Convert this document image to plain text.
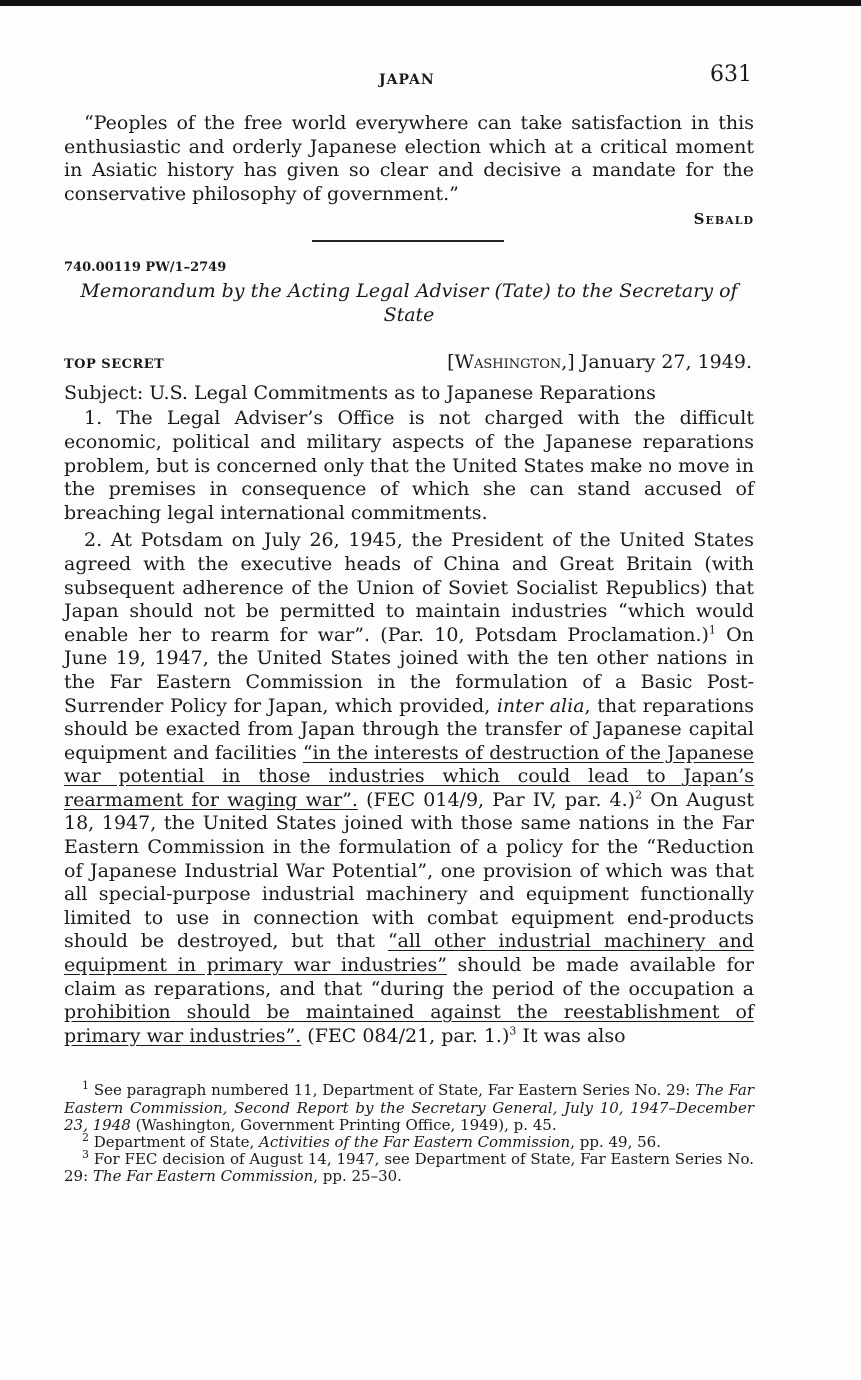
JAPAN	631

“Peoples of the free world everywhere can take satisfaction in this enthusiastic and orderly Japanese election which at a critical moment in Asiatic history has given so clear and decisive a mandate for the conservative philosophy of government.”

Sebald
740.00119 PW/1–2749
Memorandum by the Acting Legal Adviser (Tate) to the Secretary of State
TOP SECRET	[Washington,] January 27, 1949.
Subject: U.S. Legal Commitments as to Japanese Reparations

1. The Legal Adviser’s Office is not charged with the difficult economic, political and military aspects of the Japanese reparations problem, but is concerned only that the United States make no move in the premises in consequence of which she can stand accused of breaching legal international commitments.

2. At Potsdam on July 26, 1945, the President of the United States agreed with the executive heads of China and Great Britain (with subsequent adherence of the Union of Soviet Socialist Republics) that Japan should not be permitted to maintain industries “which would enable her to rearm for war”. (Par. 10, Potsdam Proclamation.)$^1$ On June 19, 1947, the United States joined with the ten other nations in the Far Eastern Commission in the formulation of a Basic Post-Surrender Policy for Japan, which provided, inter alia, that reparations should be exacted from Japan through the transfer of Japanese capital equipment and facilities “in the interests of destruction of the Japanese war potential in those industries which could lead to Japan’s rearmament for waging war”. (FEC 014/9, Par IV, par. 4.)$^2$ On August 18, 1947, the United States joined with those same nations in the Far Eastern Commission in the formulation of a policy for the “Reduction of Japanese Industrial War Potential”, one provision of which was that all special-purpose industrial machinery and equipment functionally limited to use in connection with combat equipment end-products should be destroyed, but that “all other industrial machinery and equipment in primary war industries” should be made available for claim as reparations, and that “during the period of the occupation a prohibition should be maintained against the reestablishment of primary war industries”. (FEC 084/21, par. 1.)$^3$ It was also

$^1$ See paragraph numbered 11, Department of State, Far Eastern Series No. 29: The Far Eastern Commission, Second Report by the Secretary General, July 10, 1947–December 23, 1948 (Washington, Government Printing Office, 1949), p. 45.

$^2$ Department of State, Activities of the Far Eastern Commission, pp. 49, 56.

$^3$ For FEC decision of August 14, 1947, see Department of State, Far Eastern Series No. 29: The Far Eastern Commission, pp. 25–30.
